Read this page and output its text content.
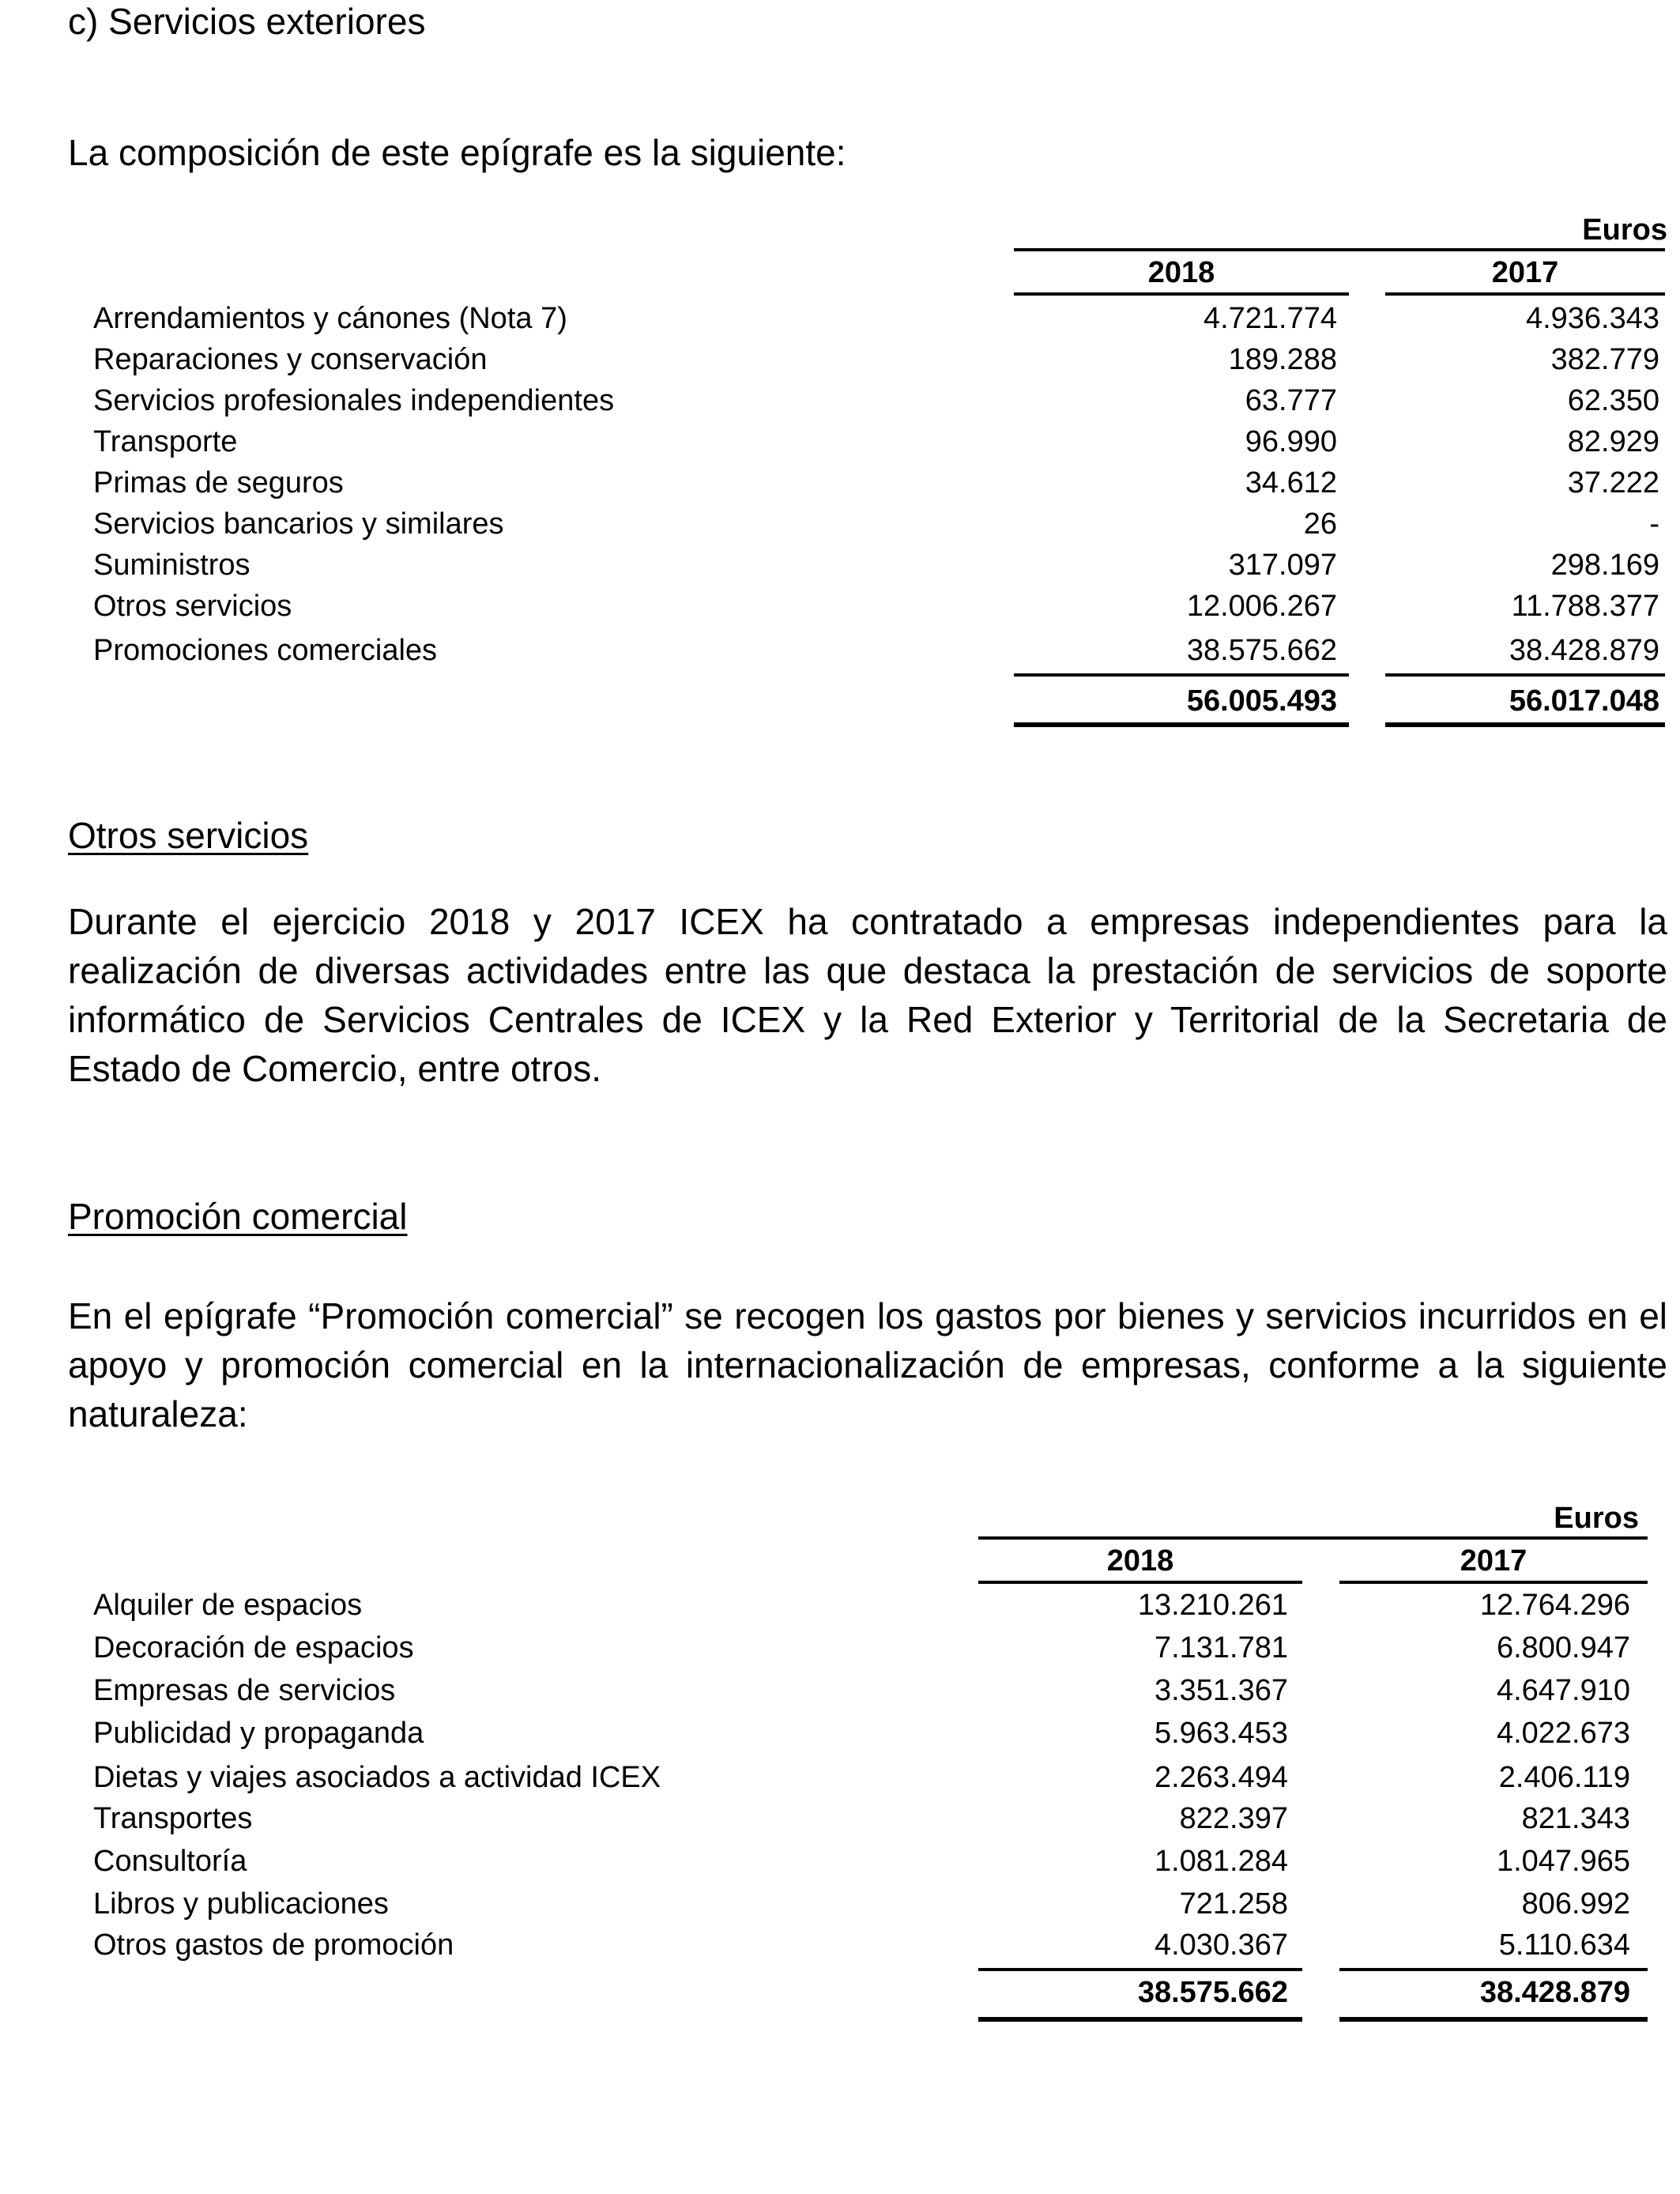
c) Servicios exteriores
La composición de este epígrafe es la siguiente:
Euros
2018	2017
Arrendamientos y cánones (Nota 7)	4.721.774	4.936.343
Reparaciones y conservación	189.288	382.779
Servicios profesionales independientes	63.777	62.350
Transporte	96.990	82.929
Primas de seguros	34.612	37.222
Servicios bancarios y similares	26	-
Suministros	317.097	298.169
Otros servicios	12.006.267	11.788.377
Promociones comerciales	38.575.662	38.428.879
56.005.493	56.017.048
Otros servicios
Durante el ejercicio 2018 y 2017 ICEX ha contratado a empresas independientes para la realización de diversas actividades entre las que destaca la prestación de servicios de soporte informático de Servicios Centrales de ICEX y la Red Exterior y Territorial de la Secretaria de Estado de Comercio, entre otros.
Promoción comercial
En el epígrafe “Promoción comercial” se recogen los gastos por bienes y servicios incurridos en el apoyo y promoción comercial en la internacionalización de empresas, conforme a la siguiente naturaleza:
Euros
2018	2017
Alquiler de espacios	13.210.261	12.764.296
Decoración de espacios	7.131.781	6.800.947
Empresas de servicios	3.351.367	4.647.910
Publicidad y propaganda	5.963.453	4.022.673
Dietas y viajes asociados a actividad ICEX	2.263.494	2.406.119
Transportes	822.397	821.343
Consultoría	1.081.284	1.047.965
Libros y publicaciones	721.258	806.992
Otros gastos de promoción	4.030.367	5.110.634
38.575.662	38.428.879
